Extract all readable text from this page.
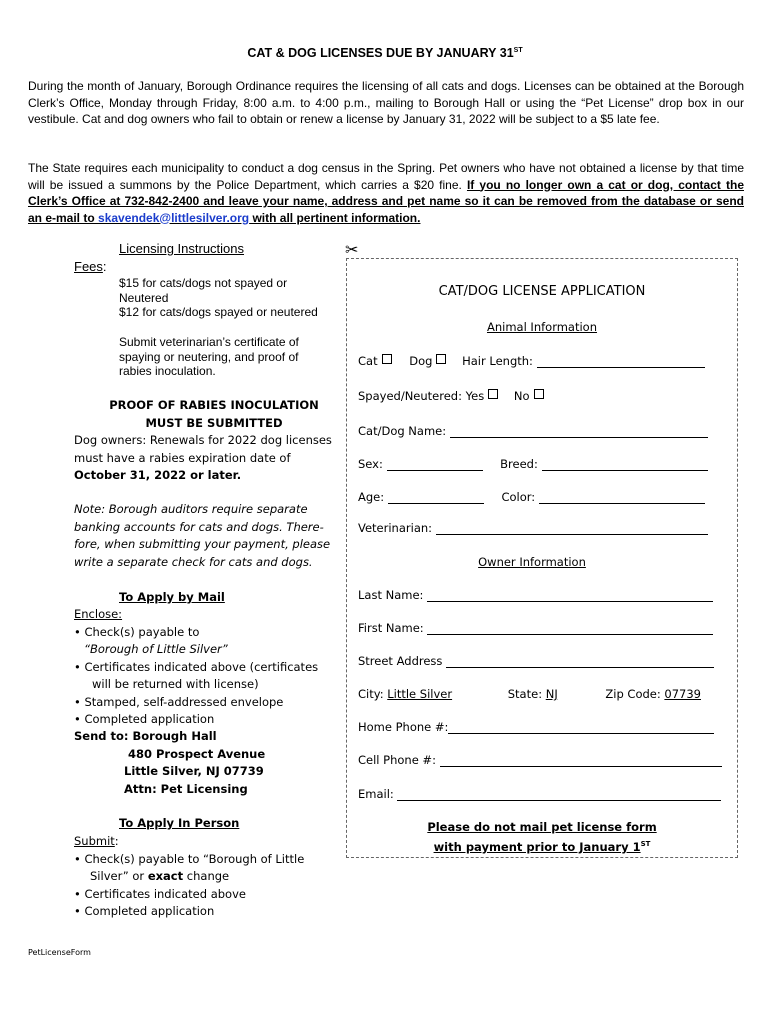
CAT & DOG LICENSES DUE BY JANUARY 31ST
During the month of January, Borough Ordinance requires the licensing of all cats and dogs. Licenses can be obtained at the Borough Clerk’s Office, Monday through Friday, 8:00 a.m. to 4:00 p.m., mailing to Borough Hall or using the “Pet License” drop box in our vestibule. Cat and dog owners who fail to obtain or renew a license by January 31, 2022 will be subject to a $5 late fee.
The State requires each municipality to conduct a dog census in the Spring. Pet owners who have not obtained a license by that time will be issued a summons by the Police Department, which carries a $20 fine. If you no longer own a cat or dog, contact the Clerk’s Office at 732-842-2400 and leave your name, address and pet name so it can be removed from the database or send an e-mail to skavendek@littlesilver.org with all pertinent information.
Licensing Instructions
Fees:
$15 for cats/dogs not spayed or
Neutered
$12 for cats/dogs spayed or neutered
Submit veterinarian’s certificate of
spaying or neutering, and proof of
rabies inoculation.
PROOF OF RABIES INOCULATION
MUST BE SUBMITTED
Dog owners: Renewals for 2022 dog licenses
must have a rabies expiration date of
October 31, 2022 or later.
Note: Borough auditors require separate
banking accounts for cats and dogs. There-
fore, when submitting your payment, please
write a separate check for cats and dogs.
To Apply by Mail
Enclose:
• Check(s) payable to
“Borough of Little Silver”
• Certificates indicated above (certificates
will be returned with license)
• Stamped, self-addressed envelope
• Completed application
Send to: Borough Hall
480 Prospect Avenue
Little Silver, NJ 07739
Attn: Pet Licensing
To Apply In Person
Submit:
• Check(s) payable to “Borough of Little
Silver” or exact change
• Certificates indicated above
• Completed application
✂
CAT/DOG LICENSE APPLICATION
Animal Information
Cat	Dog	Hair Length:
Spayed/Neutered: Yes	No
Cat/Dog Name:
Sex:	Breed:
Age:	Color:
Veterinarian:
Owner Information
Last Name:
First Name:
Street Address
City: Little Silver	State: NJ	Zip Code: 07739
Home Phone #:
Cell Phone #:
Email:
Please do not mail pet license form
with payment prior to January 1ST
PetLicenseForm
